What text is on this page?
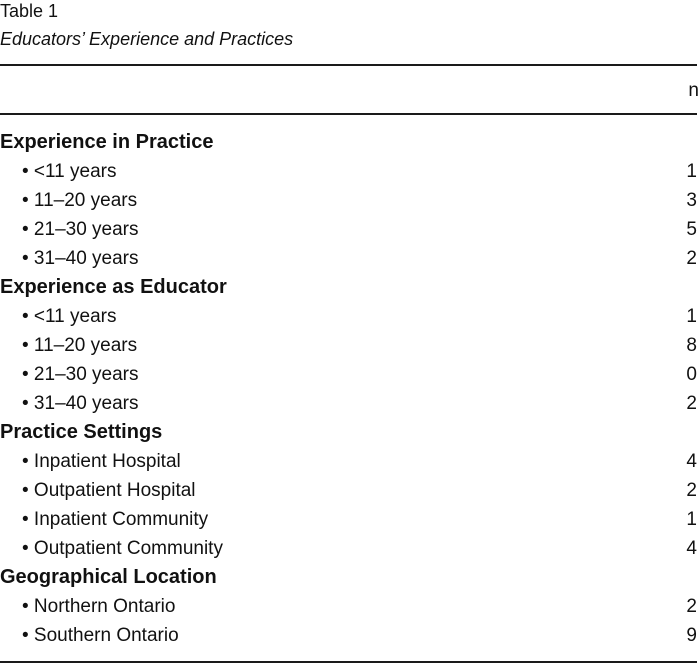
Table 1
Educators’ Experience and Practices
n
Experience in Practice
• <11 years	1
• 11–20 years	3
• 21–30 years	5
• 31–40 years	2
Experience as Educator
• <11 years	1
• 11–20 years	8
• 21–30 years	0
• 31–40 years	2
Practice Settings
• Inpatient Hospital	4
• Outpatient Hospital	2
• Inpatient Community	1
• Outpatient Community	4
Geographical Location
• Northern Ontario	2
• Southern Ontario	9
